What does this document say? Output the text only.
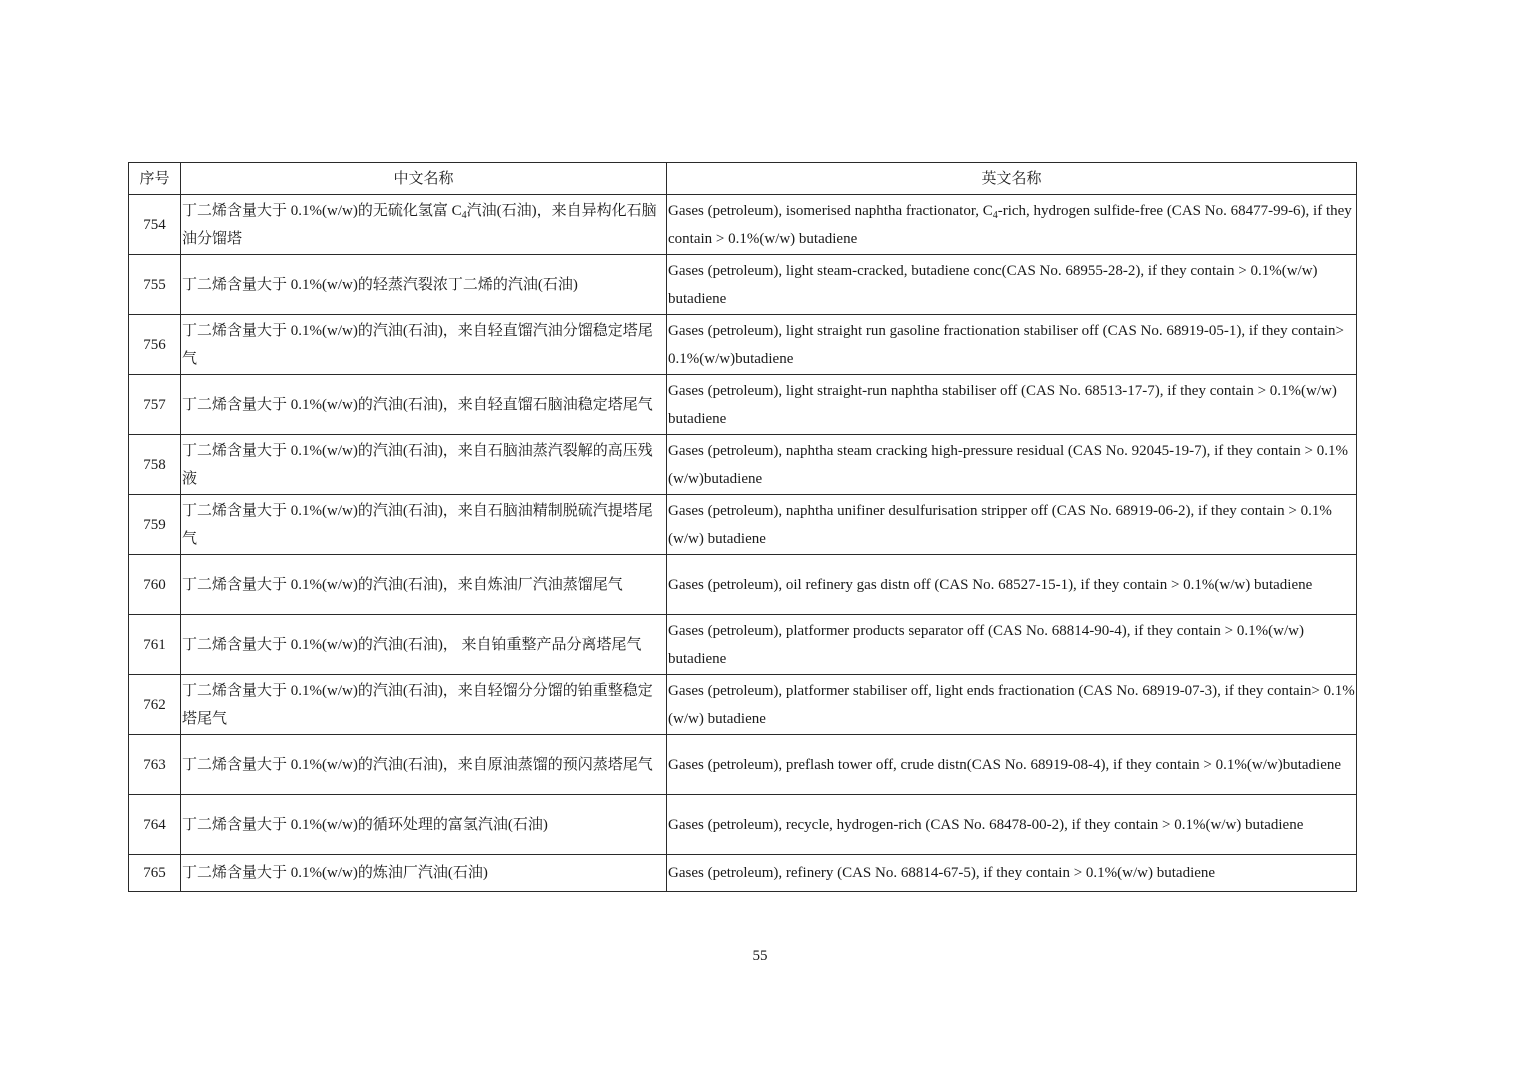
序号	中文名称	英文名称
754	丁二烯含量大于 0.1%(w/w)的无硫化氢富 $C_4$汽油(石油)，来自异构化石脑油分馏塔	Gases (petroleum), isomerised naphtha fractionator, $C_4$-rich, hydrogen sulfide-free (CAS No. 68477-99-6), if they contain > 0.1%(w/w) butadiene
755	丁二烯含量大于 0.1%(w/w)的轻蒸汽裂浓丁二烯的汽油(石油)	Gases (petroleum), light steam-cracked, butadiene conc(CAS No. 68955-28-2), if they contain > 0.1%(w/w) butadiene
756	丁二烯含量大于 0.1%(w/w)的汽油(石油)，来自轻直馏汽油分馏稳定塔尾气	Gases (petroleum), light straight run gasoline fractionation stabiliser off (CAS No. 68919-05-1), if they contain> 0.1%(w/w)butadiene
757	丁二烯含量大于 0.1%(w/w)的汽油(石油)，来自轻直馏石脑油稳定塔尾气	Gases (petroleum), light straight-run naphtha stabiliser off (CAS No. 68513-17-7), if they contain > 0.1%(w/w) butadiene
758	丁二烯含量大于 0.1%(w/w)的汽油(石油)，来自石脑油蒸汽裂解的高压残液	Gases (petroleum), naphtha steam cracking high-pressure residual (CAS No. 92045-19-7), if they contain > 0.1%(w/w)butadiene
759	丁二烯含量大于 0.1%(w/w)的汽油(石油)，来自石脑油精制脱硫汽提塔尾气	Gases (petroleum), naphtha unifiner desulfurisation stripper off (CAS No. 68919-06-2), if they contain > 0.1%(w/w) butadiene
760	丁二烯含量大于 0.1%(w/w)的汽油(石油)，来自炼油厂汽油蒸馏尾气	Gases (petroleum), oil refinery gas distn off (CAS No. 68527-15-1), if they contain > 0.1%(w/w) butadiene
761	丁二烯含量大于 0.1%(w/w)的汽油(石油)， 来自铂重整产品分离塔尾气	Gases (petroleum), platformer products separator off (CAS No. 68814-90-4), if they contain > 0.1%(w/w) butadiene
762	丁二烯含量大于 0.1%(w/w)的汽油(石油)，来自轻馏分分馏的铂重整稳定塔尾气	Gases (petroleum), platformer stabiliser off, light ends fractionation (CAS No. 68919-07-3), if they contain> 0.1%(w/w) butadiene
763	丁二烯含量大于 0.1%(w/w)的汽油(石油)，来自原油蒸馏的预闪蒸塔尾气	Gases (petroleum), preflash tower off, crude distn(CAS No. 68919-08-4), if they contain > 0.1%(w/w)butadiene
764	丁二烯含量大于 0.1%(w/w)的循环处理的富氢汽油(石油)	Gases (petroleum), recycle, hydrogen-rich (CAS No. 68478-00-2), if they contain > 0.1%(w/w) butadiene
765	丁二烯含量大于 0.1%(w/w)的炼油厂汽油(石油)	Gases (petroleum), refinery (CAS No. 68814-67-5), if they contain > 0.1%(w/w) butadiene
55
